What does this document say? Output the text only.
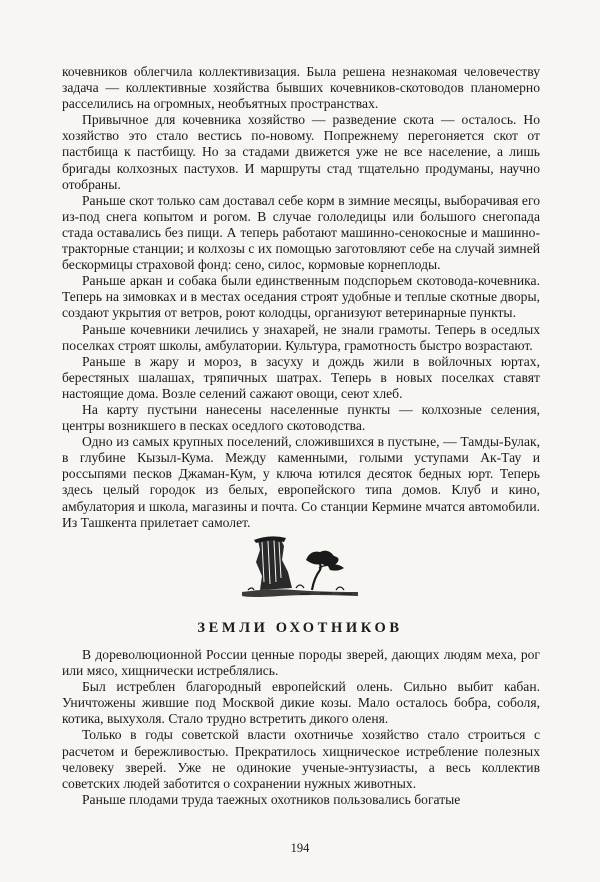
кочевников облегчила коллективизация. Была решена незнакомая человечеству задача — коллективные хозяйства бывших кочевников-скотоводов планомерно расселились на огромных, необъятных пространствах.

Привычное для кочевника хозяйство — разведение скота — осталось. Но хозяйство это стало вестись по-новому. Попрежнему перегоняется скот от пастбища к пастбищу. Но за стадами движется уже не все население, а лишь бригады колхозных пастухов. И маршруты стад тщательно продуманы, научно отобраны.

Раньше скот только сам доставал себе корм в зимние месяцы, выборачивая его из-под снега копытом и рогом. В случае гололедицы или большого снегопада стада оставались без пищи. А теперь работают машинно-сенокосные и машинно-тракторные станции; и колхозы с их помощью заготовляют себе на случай зимней бескормицы страховой фонд: сено, силос, кормовые корнеплоды.

Раньше аркан и собака были единственным подспорьем скотовода-кочевника. Теперь на зимовках и в местах оседания строят удобные и теплые скотные дворы, создают укрытия от ветров, роют колодцы, организуют ветеринарные пункты.

Раньше кочевники лечились у знахарей, не знали грамоты. Теперь в оседлых поселках строят школы, амбулатории. Культура, грамотность быстро возрастают.

Раньше в жару и мороз, в засуху и дождь жили в войлочных юртах, берестяных шалашах, тряпичных шатрах. Теперь в новых поселках ставят настоящие дома. Возле селений сажают овощи, сеют хлеб.

На карту пустыни нанесены населенные пункты — колхозные селения, центры возникшего в песках оседлого скотоводства.

Одно из самых крупных поселений, сложившихся в пустыне, — Тамды-Булак, в глубине Кызыл-Кума. Между каменными, голыми уступами Ак-Тау и россыпями песков Джаман-Кум, у ключа ютился десяток бедных юрт. Теперь здесь целый городок из белых, европейского типа домов. Клуб и кино, амбулатория и школа, магазины и почта. Со станции Кермине мчатся автомобили. Из Ташкента прилетает самолет.

ЗЕМЛИ ОХОТНИКОВ

В дореволюционной России ценные породы зверей, дающих людям меха, рог или мясо, хищнически истреблялись.

Был истреблен благородный европейский олень. Сильно выбит кабан. Уничтожены жившие под Москвой дикие козы. Мало осталось бобра, соболя, котика, выхухоля. Стало трудно встретить дикого оленя.

Только в годы советской власти охотничье хозяйство стало строиться с расчетом и бережливостью. Прекратилось хищническое истребление полезных человеку зверей. Уже не одинокие ученые-энтузиасты, а весь коллектив советских людей заботится о сохранении нужных животных.

Раньше плодами труда таежных охотников пользовались богатые

194
